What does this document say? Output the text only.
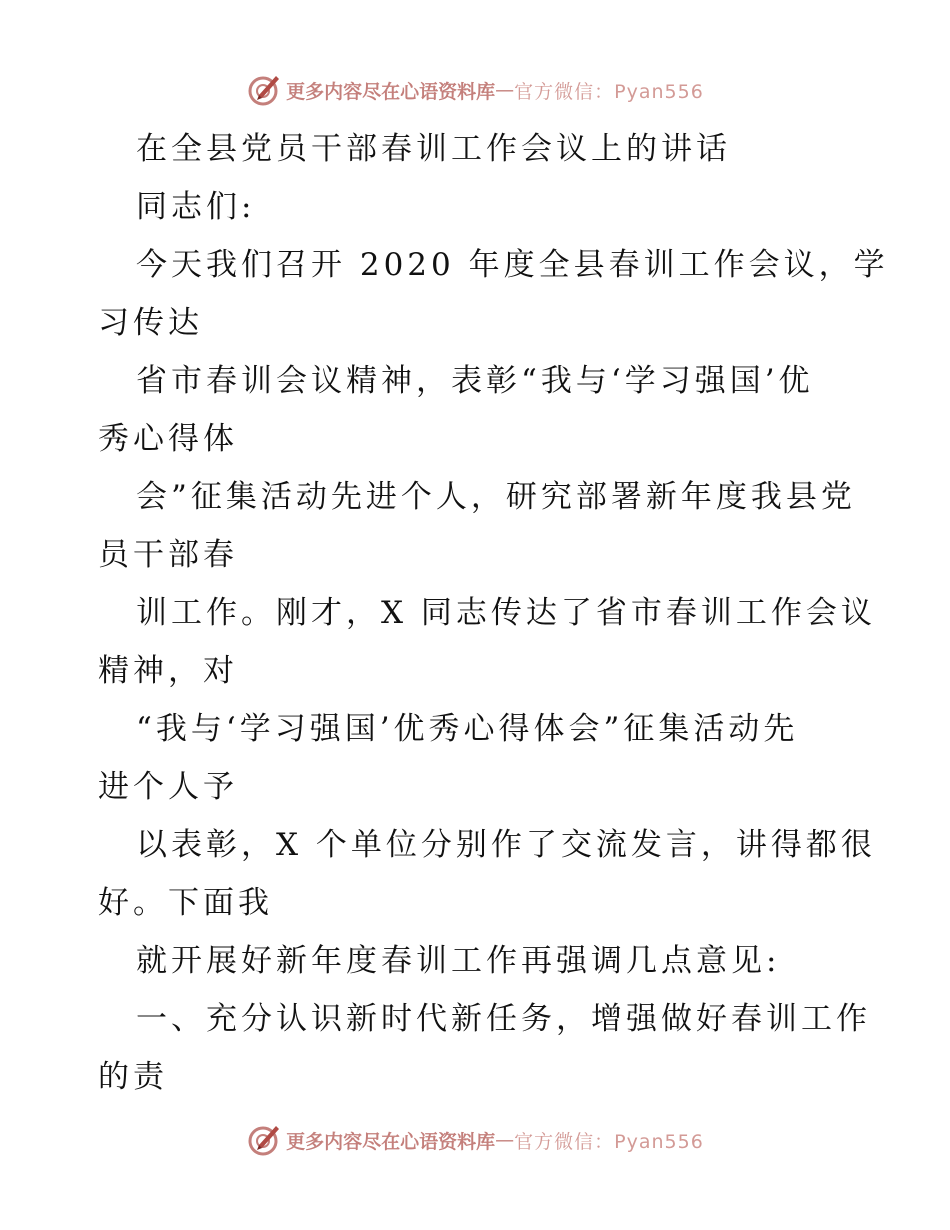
更多内容尽在心语资料库 — 官方微信：Pyan556
在全县党员干部春训工作会议上的讲话
同志们:
今天我们召开 2020 年度全县春训工作会议，学
习传达
省市春训会议精神，表彰“我与‘学习强国’优
秀心得体
会”征集活动先进个人，研究部署新年度我县党
员干部春
训工作。刚才，X 同志传达了省市春训工作会议
精神，对
“我与‘学习强国’优秀心得体会”征集活动先
进个人予
以表彰，X 个单位分别作了交流发言，讲得都很
好。下面我
就开展好新年度春训工作再强调几点意见:
一、充分认识新时代新任务，增强做好春训工作
的责
更多内容尽在心语资料库 — 官方微信：Pyan556
